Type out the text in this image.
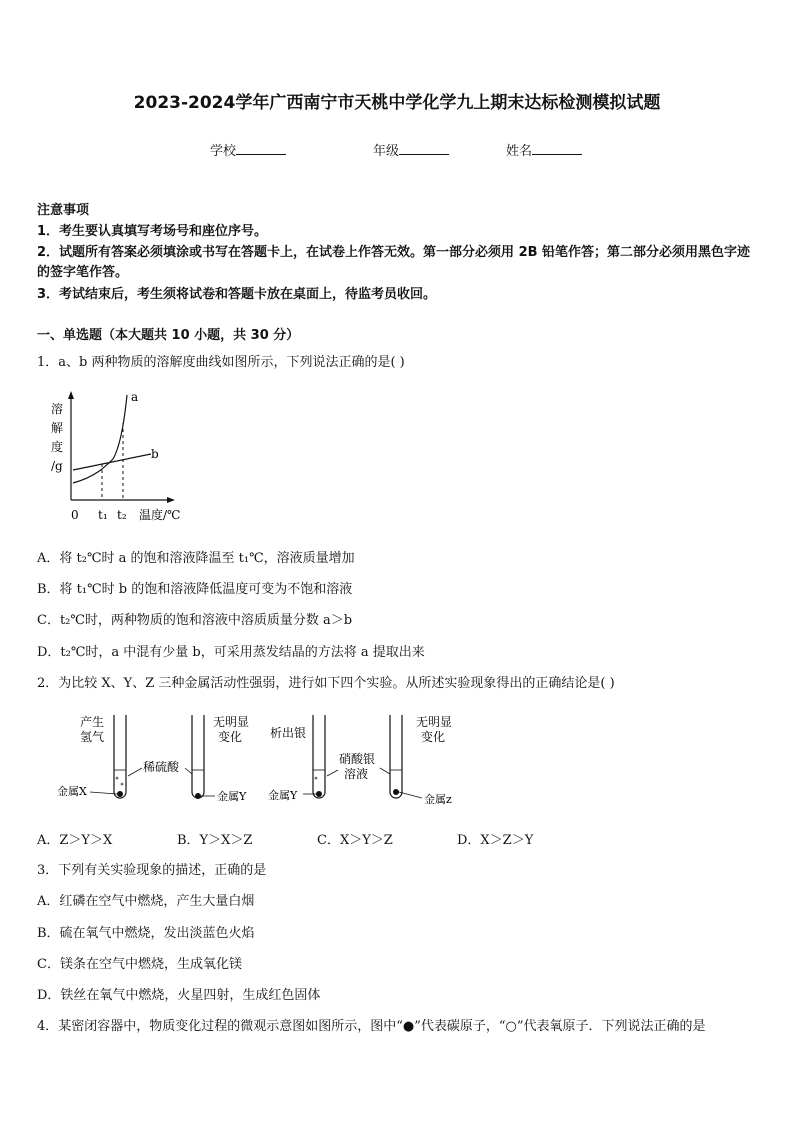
2023-2024学年广西南宁市天桃中学化学九上期末达标检测模拟试题
学校	年级	姓名
注意事项
1．考生要认真填写考场号和座位序号。
2．试题所有答案必须填涂或书写在答题卡上，在试卷上作答无效。第一部分必须用 2B 铅笔作答；第二部分必须用黑色字迹的签字笔作答。
3．考试结束后，考生须将试卷和答题卡放在桌面上，待监考员收回。
一、单选题（本大题共 10 小题，共 30 分）
1．a、b 两种物质的溶解度曲线如图所示，下列说法正确的是( )
溶
解
度
/g
a
b
0 t₁ t₂ 温度/℃
A．将 t₂℃时 a 的饱和溶液降温至 t₁℃，溶液质量增加
B．将 t₁℃时 b 的饱和溶液降低温度可变为不饱和溶液
C．t₂℃时，两种物质的饱和溶液中溶质质量分数 a＞b
D．t₂℃时，a 中混有少量 b，可采用蒸发结晶的方法将 a 提取出来
2．为比较 X、Y、Z 三种金属活动性强弱，进行如下四个实验。从所述实验现象得出的正确结论是( )
产生
氢气
金属X
稀硫酸
无明显
变化
金属Y
析出银
金属Y
硝酸银
溶液
无明显
变化
金属z
A．Z＞Y＞X	B．Y＞X＞Z	C．X＞Y＞Z	D．X＞Z＞Y
3．下列有关实验现象的描述，正确的是
A．红磷在空气中燃烧，产生大量白烟
B．硫在氧气中燃烧，发出淡蓝色火焰
C．镁条在空气中燃烧，生成氧化镁
D．铁丝在氧气中燃烧，火星四射，生成红色固体
4．某密闭容器中，物质变化过程的微观示意图如图所示，图中“●”代表碳原子，“○”代表氧原子．下列说法正确的是
